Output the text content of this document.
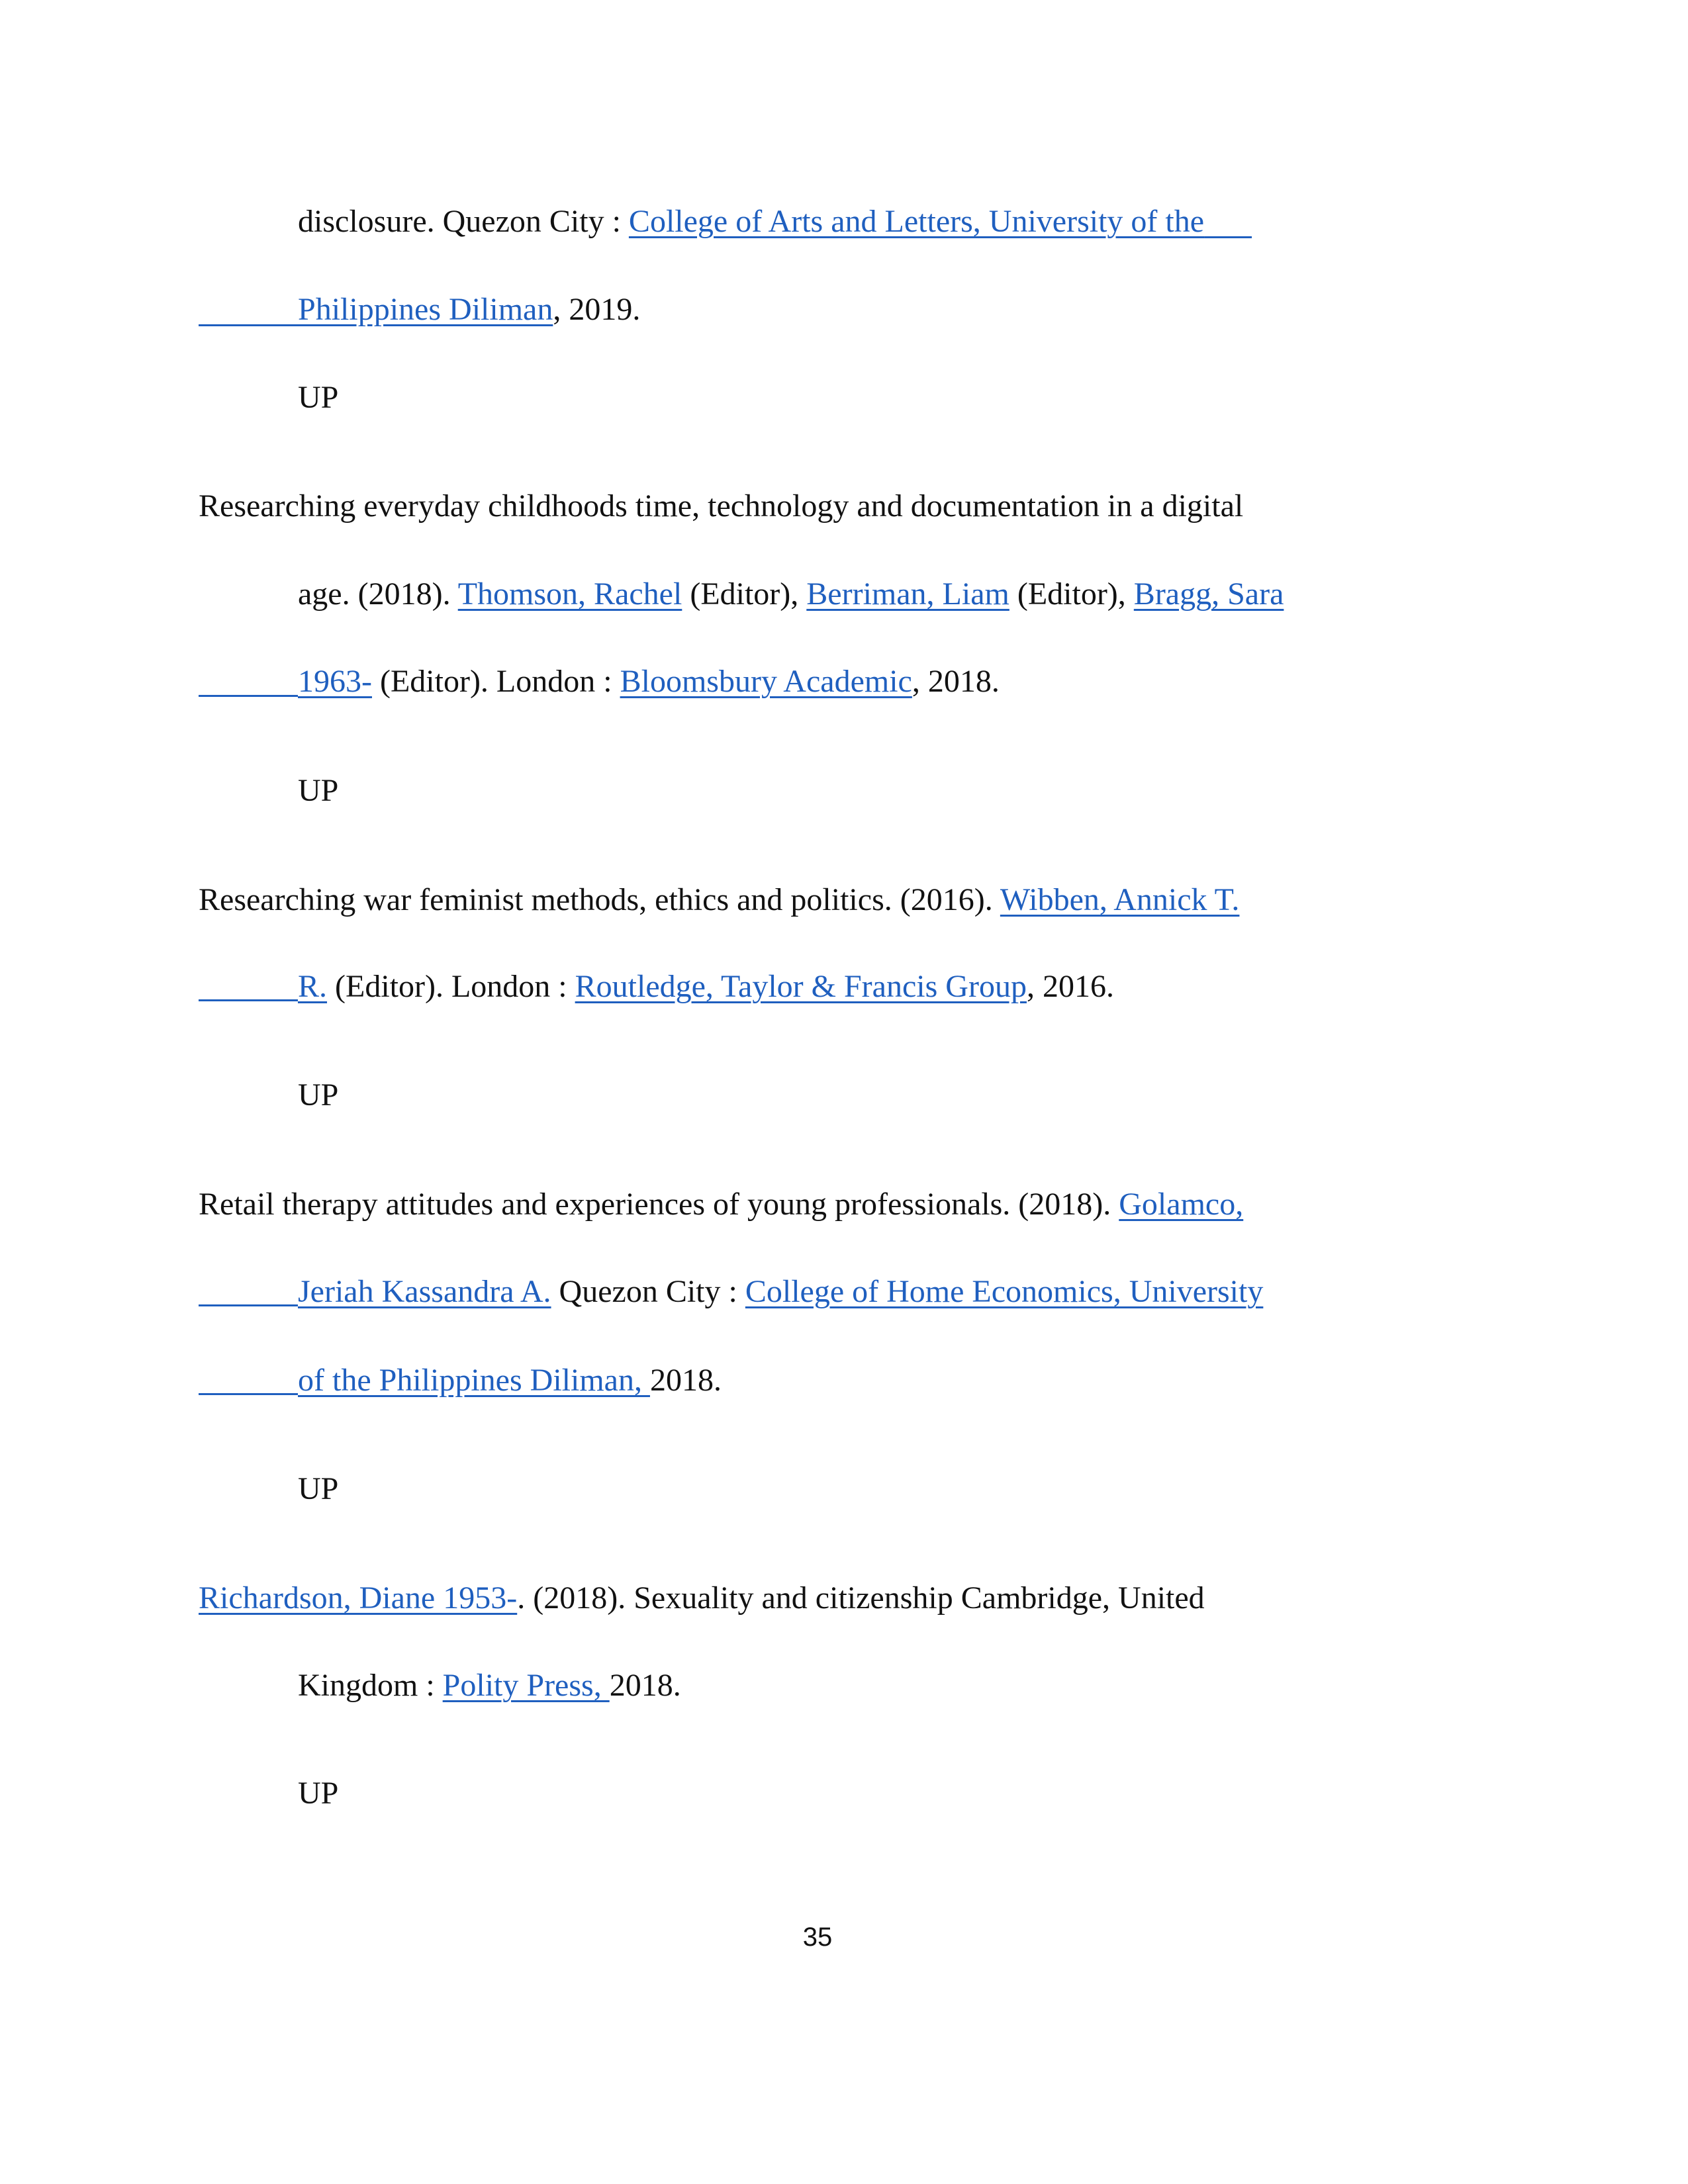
disclosure. Quezon City : College of Arts and Letters, University of the  
Philippines Diliman, 2019.
UP
Researching everyday childhoods time, technology and documentation in a digital
age. (2018). Thomson, Rachel (Editor), Berriman, Liam (Editor), Bragg, Sara
1963- (Editor). London : Bloomsbury Academic, 2018.
UP
Researching war feminist methods, ethics and politics. (2016). Wibben, Annick T.
R. (Editor). London : Routledge, Taylor & Francis Group, 2016.
UP
Retail therapy attitudes and experiences of young professionals. (2018). Golamco,
Jeriah Kassandra A. Quezon City : College of Home Economics, University
of the Philippines Diliman, 2018.
UP
Richardson, Diane 1953-. (2018). Sexuality and citizenship Cambridge, United
Kingdom : Polity Press, 2018.
UP
35
